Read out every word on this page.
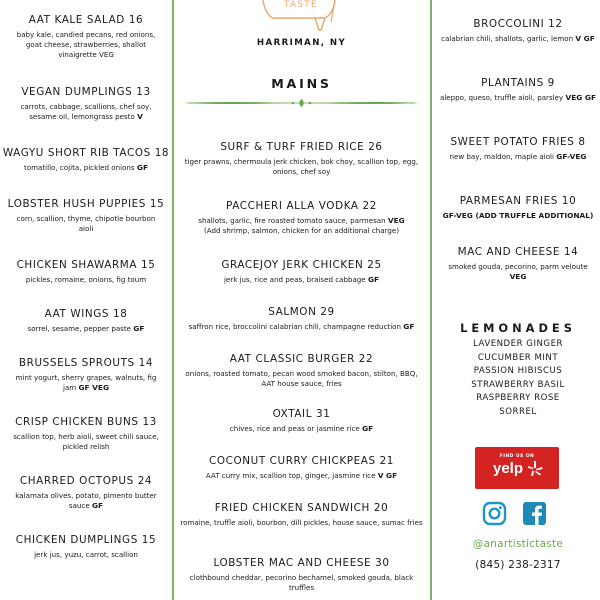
AAT KALE SALAD 16
baby kale, candied pecans, red onions, goat cheese, strawberries, shallot vinaigrette VEG
VEGAN DUMPLINGS 13
carrots, cabbage, scallions, chef soy, sesame oil, lemongrass pesto V
WAGYU SHORT RIB TACOS 18
tomatillo, cojita, pickled onions GF
LOBSTER HUSH PUPPIES 15
corn, scallion, thyme, chipotle bourbon aioli
CHICKEN SHAWARMA 15
pickles, romaine, onions, fig toum
AAT WINGS 18
sorrel, sesame, pepper paste GF
BRUSSELS SPROUTS 14
mint yogurt, sherry grapes, walnuts, fig jam GF VEG
CRISP CHICKEN BUNS 13
scallion top, herb aioli, sweet chili sauce, pickled relish
CHARRED OCTOPUS 24
kalamata olives, potato, pimento butter sauce GF
CHICKEN DUMPLINGS 15
jerk jus, yuzu, carrot, scallion
TASTE
HARRIMAN, NY
MAINS
SURF & TURF FRIED RICE 26
tiger prawns, chermoula jerk chicken, bok choy, scallion top, egg, onions, chef soy
PACCHERI ALLA VODKA 22
shallots, garlic, fire roasted tomato sauce, parmesan VEG
(Add shrimp, salmon, chicken for an additional charge)
GRACEJOY JERK CHICKEN 25
jerk jus, rice and peas, braised cabbage GF
SALMON 29
saffron rice, broccolini calabrian chili, champagne reduction GF
AAT CLASSIC BURGER 22
onions, roasted tomato, pecan wood smoked bacon, stilton, BBQ, AAT house sauce, fries
OXTAIL 31
chives, rice and peas or jasmine rice GF
COCONUT CURRY CHICKPEAS 21
AAT curry mix, scallion top, ginger, jasmine rice V GF
FRIED CHICKEN SANDWICH 20
romaine, truffle aioli, bourbon, dill pickles, house sauce, sumac fries
LOBSTER MAC AND CHEESE 30
clothbound cheddar, pecorino bechamel, smoked gouda, black truffles
BROCCOLINI 12
calabrian chili, shallots, garlic, lemon V GF
PLANTAINS 9
aleppo, queso, truffle aioli, parsley VEG GF
SWEET POTATO FRIES 8
new bay, maldon, maple aioli GF-VEG
PARMESAN FRIES 10
GF-VEG (ADD TRUFFLE ADDITIONAL)
MAC AND CHEESE 14
smoked gouda, pecorino, parm veloute VEG
LEMONADES
LAVENDER GINGER
CUCUMBER MINT
PASSION HIBISCUS
STRAWBERRY BASIL
RASPBERRY ROSE
SORREL
FIND US ON
yelp
@anartistictaste
(845) 238-2317
